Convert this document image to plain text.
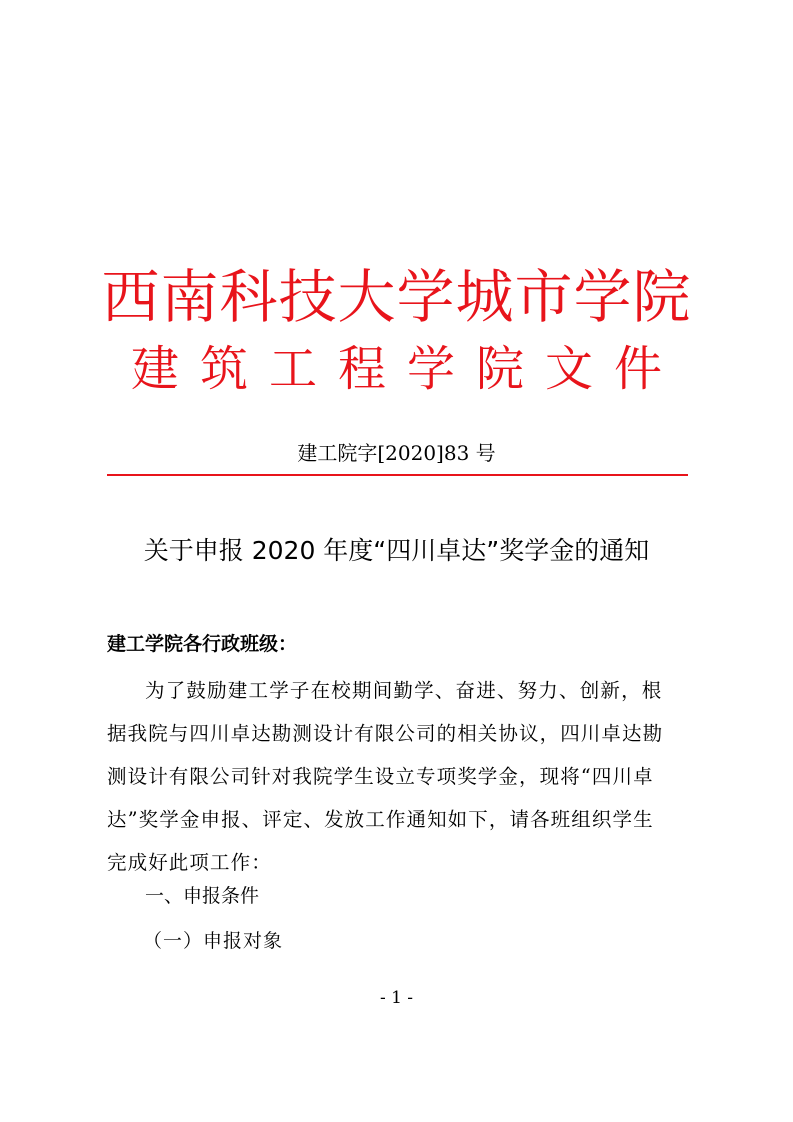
西南科技大学城市学院
建筑工程学院文件
建工院字[2020]83 号
关于申报 2020 年度“四川卓达”奖学金的通知
建工学院各行政班级：
为了鼓励建工学子在校期间勤学、奋进、努力、创新，根
据我院与四川卓达勘测设计有限公司的相关协议，四川卓达勘
测设计有限公司针对我院学生设立专项奖学金，现将“四川卓
达”奖学金申报、评定、发放工作通知如下，请各班组织学生
完成好此项工作：
一、申报条件
（一）申报对象
- 1 -
